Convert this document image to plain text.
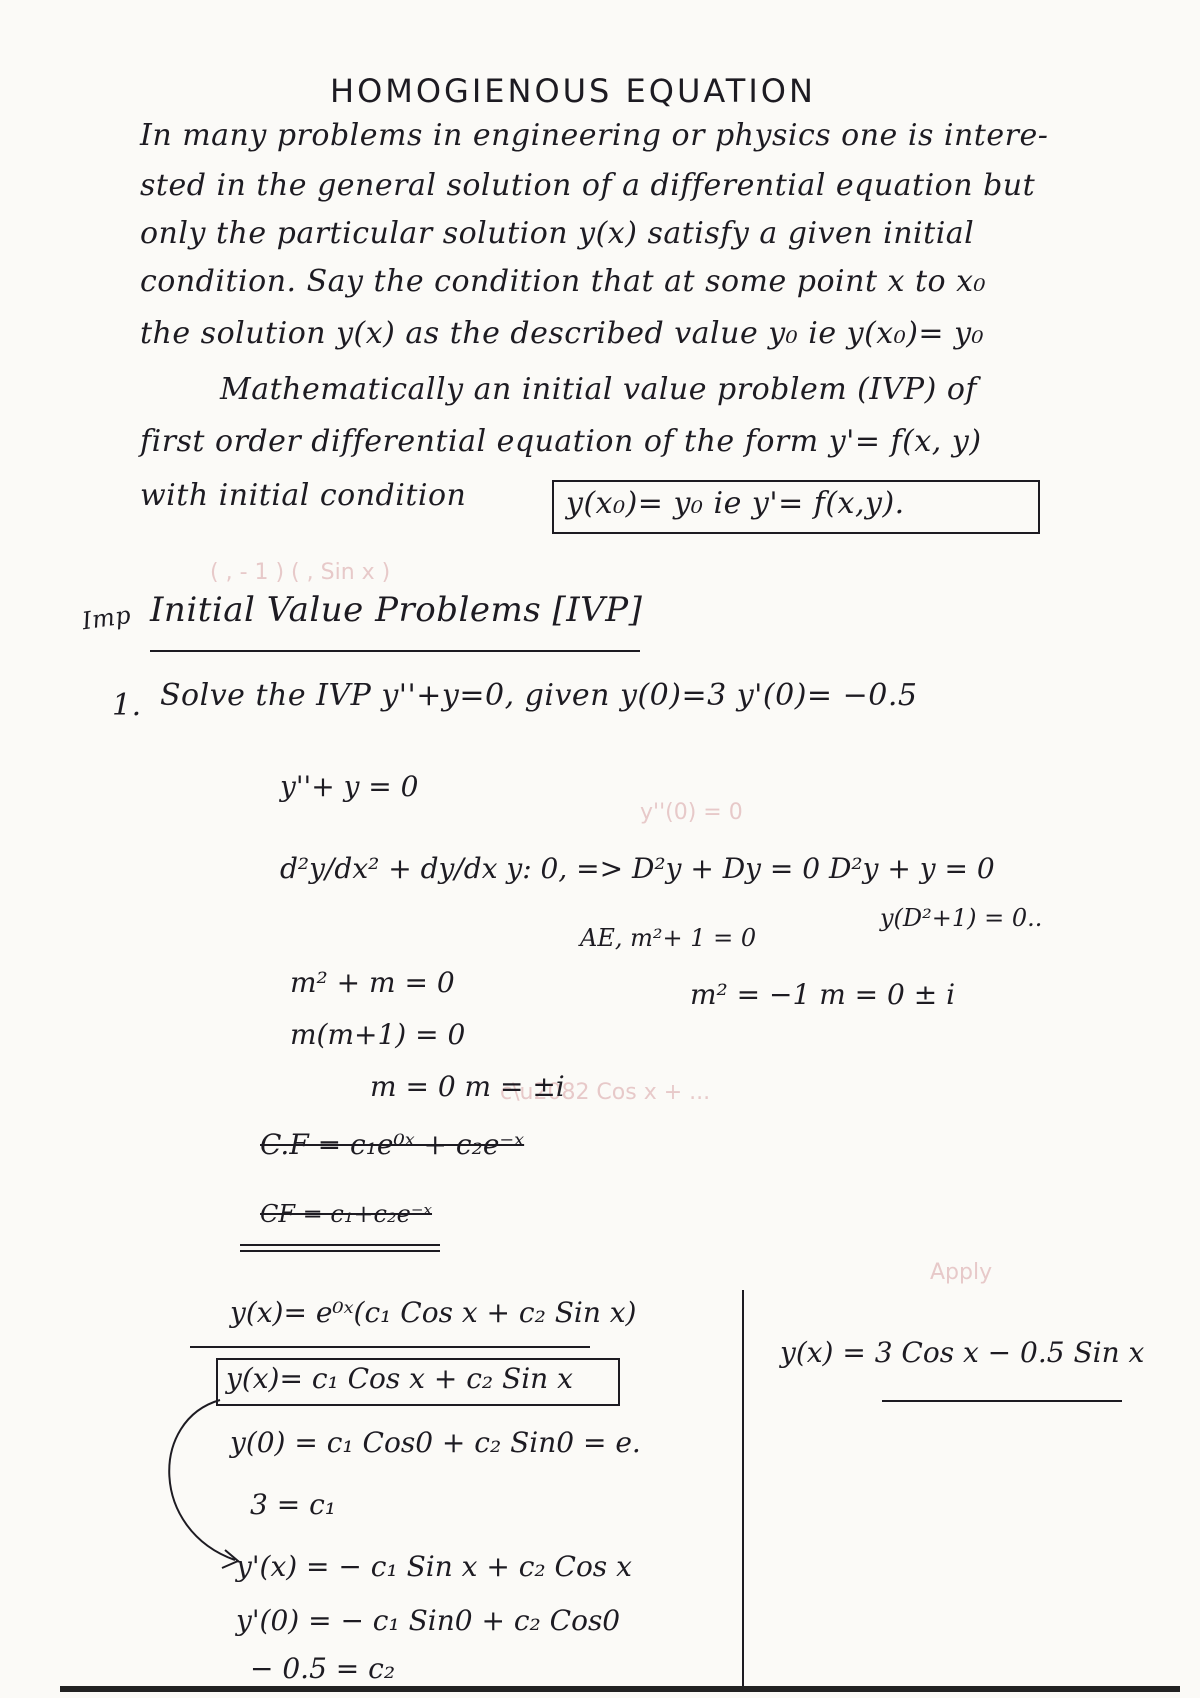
( , - 1 ) ( , Sin x )
y''(0) = 0
c\u2082 Cos x + ...
Apply
HOMOGIENOUS EQUATION
In many problems in engineering or physics one is intere-
sted in the general solution of a differential equation but
only the particular solution y(x) satisfy a given initial
condition. Say the condition that at some point x to x₀
the solution y(x) as the described value y₀ ie y(x₀)= y₀
Mathematically an initial value problem (IVP) of
first order differential equation of the form y'= f(x, y)
with initial condition	y(x₀)= y₀ ie y'= f(x,y).
Imp Initial Value Problems [IVP]
1. Solve the IVP y''+y=0, given y(0)=3 y'(0)= −0.5
y''+ y = 0
d²y/dx² + dy/dx y: 0, => D²y + Dy = 0 D²y + y = 0
y(D²+1) = 0..
AE, m²+ 1 = 0
m² + m = 0	m² = −1 m = 0 ± i
m(m+1) = 0
m = 0 m = ±i
C.F = c₁e⁰ˣ + c₂e⁻ˣ
CF = c₁+c₂e⁻ˣ
y(x)= e⁰ˣ(c₁ Cos x + c₂ Sin x)
y(x)= c₁ Cos x + c₂ Sin x
y(0) = c₁ Cos0 + c₂ Sin0 = e.
3 = c₁
y'(x) = − c₁ Sin x + c₂ Cos x
y'(0) = − c₁ Sin0 + c₂ Cos0
− 0.5 = c₂
y(x) = 3 Cos x − 0.5 Sin x
